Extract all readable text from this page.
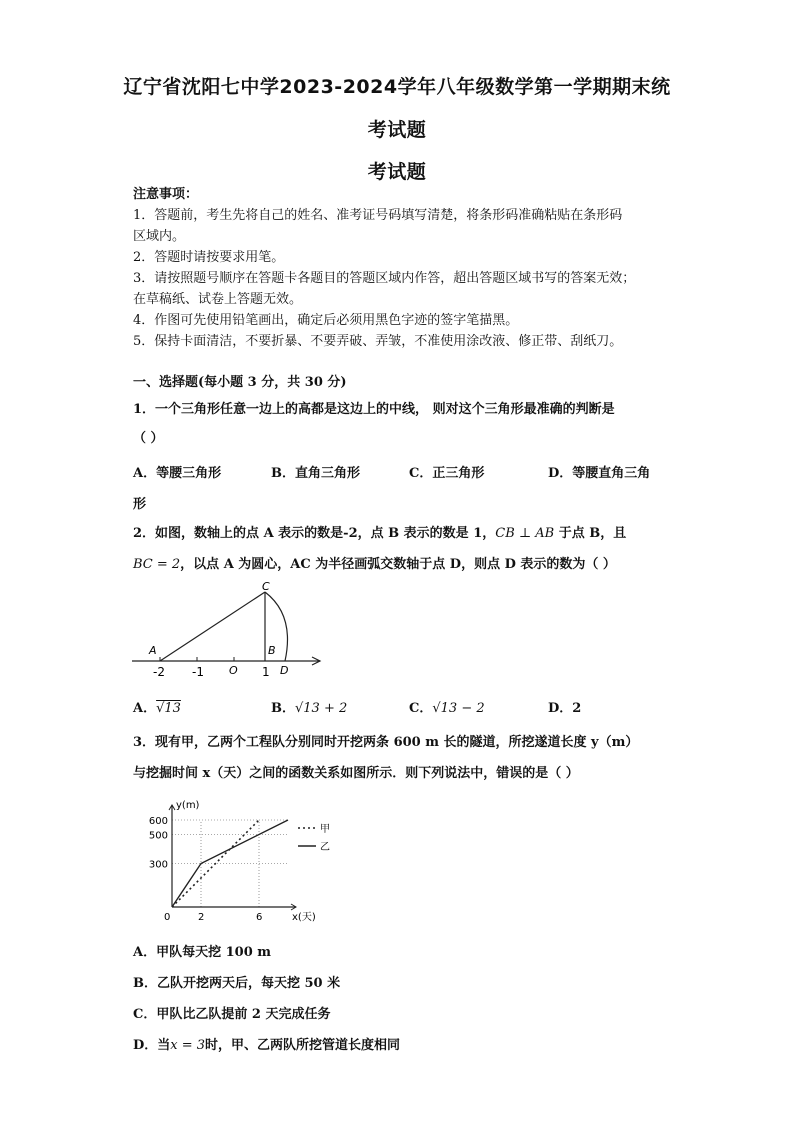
辽宁省沈阳七中学2023-2024学年八年级数学第一学期期末统
考试题
考试题
注意事项：
1．答题前，考生先将自己的姓名、准考证号码填写清楚，将条形码准确粘贴在条形码
区域内。
2．答题时请按要求用笔。
3．请按照题号顺序在答题卡各题目的答题区域内作答，超出答题区域书写的答案无效；
在草稿纸、试卷上答题无效。
4．作图可先使用铅笔画出，确定后必须用黑色字迹的签字笔描黑。
5．保持卡面清洁，不要折暴、不要弄破、弄皱，不准使用涂改液、修正带、刮纸刀。
一、选择题(每小题 3 分，共 30 分)
1．一个三角形任意一边上的高都是这边上的中线， 则对这个三角形最准确的判断是
（ ）
A．等腰三角形	B．直角三角形	C．正三角形	D．等腰直角三角
形
2．如图，数轴上的点 A 表示的数是-2，点 B 表示的数是 1，CB ⊥ AB 于点 B，且
BC = 2，以点 A 为圆心，AC 为半径画弧交数轴于点 D，则点 D 表示的数为（ ）
A
C
B
D
O
-2 -1	1
A．√13	B．√13 + 2	C．√13 − 2	D．2
3．现有甲，乙两个工程队分别同时开挖两条 600 m 长的隧道，所挖遂道长度 y（m）
与挖掘时间 x（天）之间的函数关系如图所示．则下列说法中，错误的是（ ）
300
500
600
0	2	6	x(天)
y(m)
甲
乙
A．甲队每天挖 100 m
B．乙队开挖两天后，每天挖 50 米
C．甲队比乙队提前 2 天完成任务
D．当x = 3时，甲、乙两队所挖管道长度相同
